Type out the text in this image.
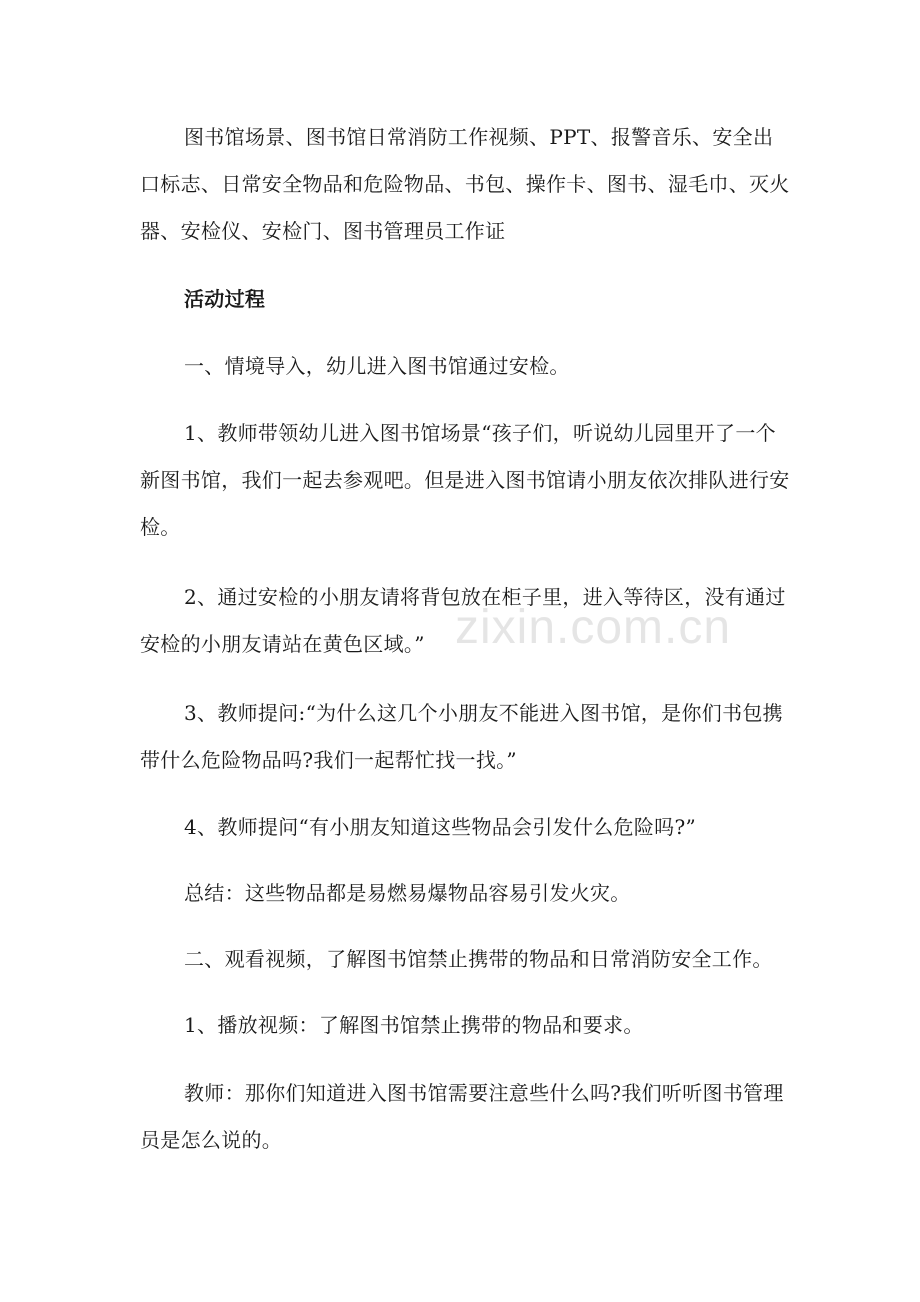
图书馆场景、图书馆日常消防工作视频、PPT、报警音乐、安全出口标志、日常安全物品和危险物品、书包、操作卡、图书、湿毛巾、灭火器、安检仪、安检门、图书管理员工作证

活动过程

一、情境导入，幼儿进入图书馆通过安检。

1、教师带领幼儿进入图书馆场景“孩子们，听说幼儿园里开了一个新图书馆，我们一起去参观吧。但是进入图书馆请小朋友依次排队进行安检。

2、通过安检的小朋友请将背包放在柜子里，进入等待区，没有通过安检的小朋友请站在黄色区域。”

3、教师提问:“为什么这几个小朋友不能进入图书馆，是你们书包携带什么危险物品吗?我们一起帮忙找一找。”

4、教师提问“有小朋友知道这些物品会引发什么危险吗?”

总结：这些物品都是易燃易爆物品容易引发火灾。

二、观看视频，了解图书馆禁止携带的物品和日常消防安全工作。

1、播放视频：了解图书馆禁止携带的物品和要求。

教师：那你们知道进入图书馆需要注意些什么吗?我们听听图书管理员是怎么说的。

zixin.com.cn
